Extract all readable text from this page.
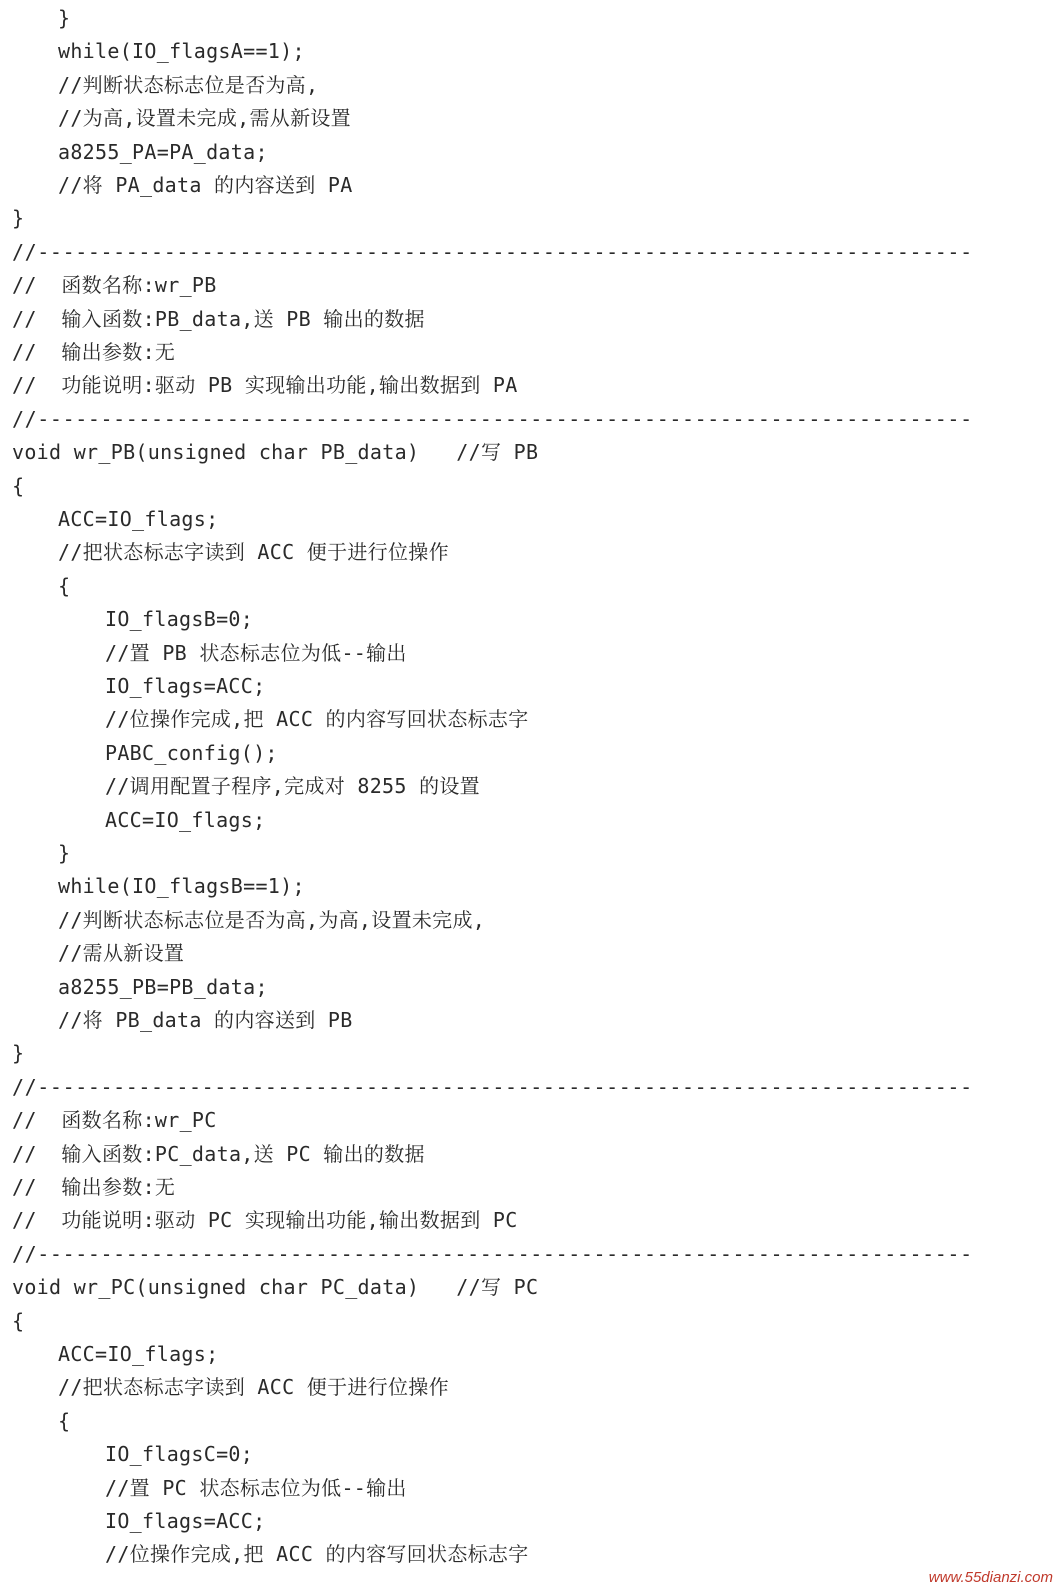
}
while(IO_flagsA==1);
//判断状态标志位是否为高,
//为高,设置未完成,需从新设置
a8255_PA=PA_data;
//将 PA_data 的内容送到 PA
}
//--------------------------------------------------------------------------
//  函数名称:wr_PB
//  输入函数:PB_data,送 PB 输出的数据
//  输出参数:无
//  功能说明:驱动 PB 实现输出功能,输出数据到 PA
//--------------------------------------------------------------------------
void wr_PB(unsigned char PB_data)   //写 PB
{
ACC=IO_flags;
//把状态标志字读到 ACC 便于进行位操作
{
IO_flagsB=0;
//置 PB 状态标志位为低--输出
IO_flags=ACC;
//位操作完成,把 ACC 的内容写回状态标志字
PABC_config();
//调用配置子程序,完成对 8255 的设置
ACC=IO_flags;
}
while(IO_flagsB==1);
//判断状态标志位是否为高,为高,设置未完成,
//需从新设置
a8255_PB=PB_data;
//将 PB_data 的内容送到 PB
}
//--------------------------------------------------------------------------
//  函数名称:wr_PC
//  输入函数:PC_data,送 PC 输出的数据
//  输出参数:无
//  功能说明:驱动 PC 实现输出功能,输出数据到 PC
//--------------------------------------------------------------------------
void wr_PC(unsigned char PC_data)   //写 PC
{
ACC=IO_flags;
//把状态标志字读到 ACC 便于进行位操作
{
IO_flagsC=0;
//置 PC 状态标志位为低--输出
IO_flags=ACC;
//位操作完成,把 ACC 的内容写回状态标志字
www.55dianzi.com
